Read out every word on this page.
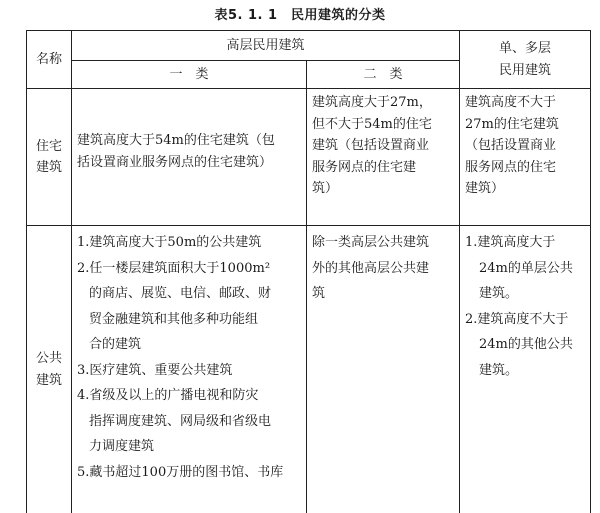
表5. 1. 1　民用建筑的分类
名称
高层民用建筑
一　类	二　类
单、多层
民用建筑
住宅
建筑
建筑高度大于54m的住宅建筑（包
括设置商业服务网点的住宅建筑）
建筑高度大于27m，
但不大于54m的住宅
建筑（包括设置商业
服务网点的住宅建
筑）
建筑高度不大于
27m的住宅建筑
（包括设置商业
服务网点的住宅
建筑）
公共
建筑
1.建筑高度大于50m的公共建筑
2.任一楼层建筑面积大于1000m²
的商店、展览、电信、邮政、财
贸金融建筑和其他多种功能组
合的建筑
3.医疗建筑、重要公共建筑
4.省级及以上的广播电视和防灾
指挥调度建筑、网局级和省级电
力调度建筑
5.藏书超过100万册的图书馆、书库
除一类高层公共建筑
外的其他高层公共建
筑
1.建筑高度大于
24m的单层公共
建筑。
2.建筑高度不大于
24m的其他公共
建筑。
